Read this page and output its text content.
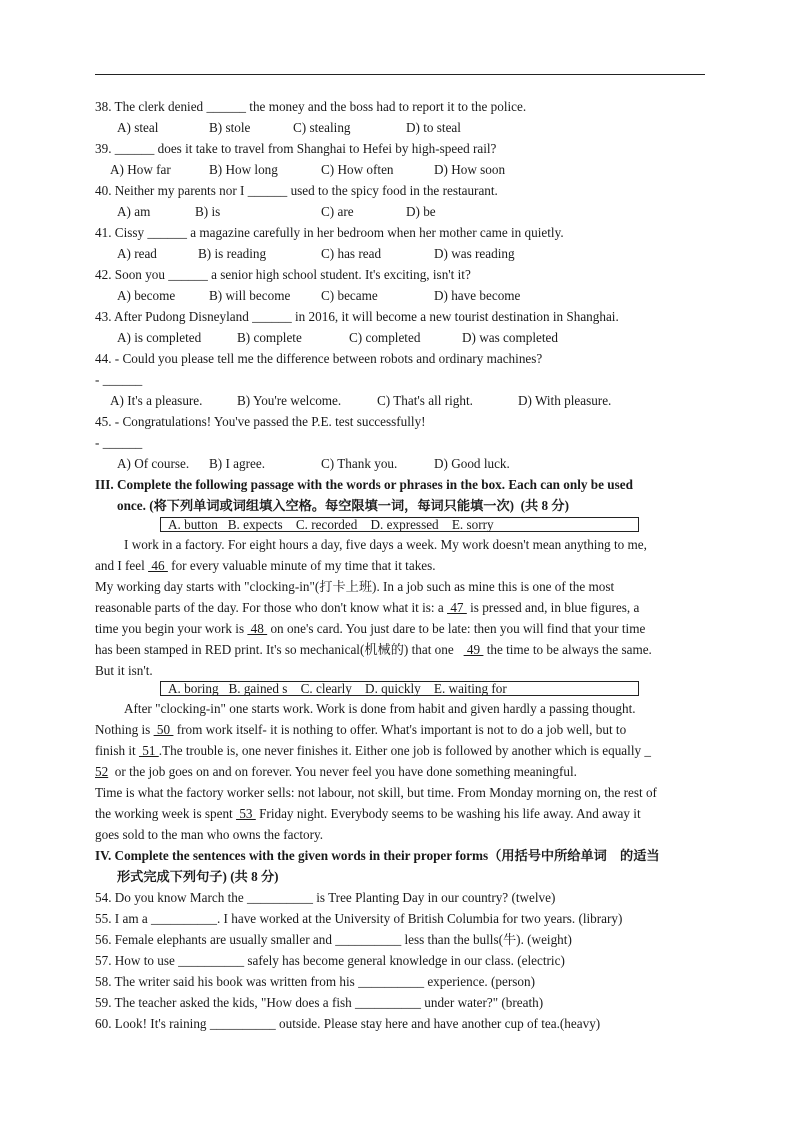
38. The clerk denied ______ the money and the boss had to report it to the police.
A) steal	B) stole	C) stealing	D) to steal
39. ______ does it take to travel from Shanghai to Hefei by high-speed rail?
A) How far	B) How long	C) How often	D) How soon
40. Neither my parents nor I ______ used to the spicy food in the restaurant.
A) am	B) is	C) are	D) be
41. Cissy ______ a magazine carefully in her bedroom when her mother came in quietly.
A) read	B) is reading	C) has read	D) was reading
42. Soon you ______ a senior high school student. It's exciting, isn't it?
A) become	B) will become C) became	D) have become
43. After Pudong Disneyland ______ in 2016, it will become a new tourist destination in Shanghai.
A) is completed	B) complete	C) completed	D) was completed
44. - Could you please tell me the difference between robots and ordinary machines?
- ______
A) It's a pleasure.	B) You're welcome.	C) That's all right.	D) With pleasure.
45. - Congratulations! You've passed the P.E. test successfully!
- ______
A) Of course. B) I agree.	C) Thank you.	D) Good luck.
III. Complete the following passage with the words or phrases in the box. Each can only be used
once. (将下列单词或词组填入空格。每空限填一词，每词只能填一次)  (共 8 分)
A. button   B. expects    C. recorded    D. expressed    E. sorry
I work in a factory. For eight hours a day, five days a week. My work doesn't mean anything to me,
and I feel  46  for every valuable minute of my time that it takes.
My working day starts with "clocking-in"(打卡上班). In a job such as mine this is one of the most
reasonable parts of the day. For those who don't know what it is: a  47  is pressed and, in blue figures, a
time you begin your work is  48  on one's card. You just dare to be late: then you will find that your time
has been stamped in RED print. It's so mechanical(机械的) that one    49  the time to be always the same.
But it isn't.
A. boring   B. gained s    C. clearly    D. quickly    E. waiting for
After "clocking-in" one starts work. Work is done from habit and given hardly a passing thought.
Nothing is  50  from work itself- it is nothing to offer. What's important is not to do a job well, but to
finish it  51 .The trouble is, one never finishes it. Either one job is followed by another which is equally _
52  or the job goes on and on forever. You never feel you have done something meaningful.
Time is what the factory worker sells: not labour, not skill, but time. From Monday morning on, the rest of
the working week is spent  53  Friday night. Everybody seems to be washing his life away. And away it
goes sold to the man who owns the factory.
IV. Complete the sentences with the given words in their proper forms（用括号中所给单词    的适当
形式完成下列句子) (共 8 分)
54. Do you know March the __________ is Tree Planting Day in our country? (twelve)
55. I am a __________. I have worked at the University of British Columbia for two years. (library)
56. Female elephants are usually smaller and __________ less than the bulls(牛). (weight)
57. How to use __________ safely has become general knowledge in our class. (electric)
58. The writer said his book was written from his __________ experience. (person)
59. The teacher asked the kids, "How does a fish __________ under water?" (breath)
60. Look! It's raining __________ outside. Please stay here and have another cup of tea.(heavy)
